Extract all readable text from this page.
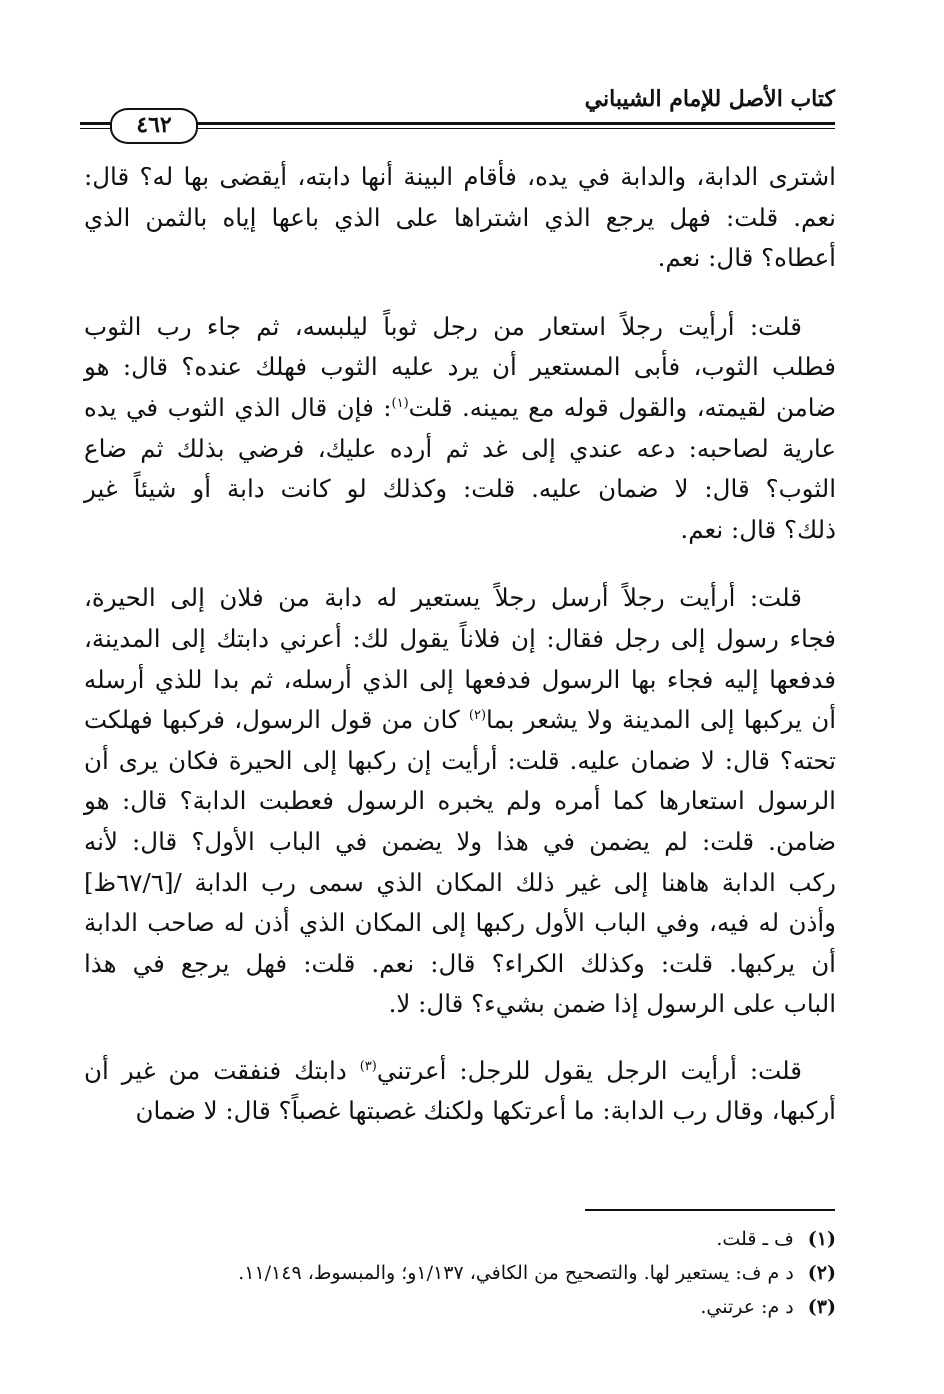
كتاب الأصل للإمام الشيباني
٤٦٢
اشترى الدابة، والدابة في يده، فأقام البينة أنها دابته، أيقضى بها له؟ قال:
نعم. قلت: فهل يرجع الذي اشتراها على الذي باعها إياه بالثمن الذي
أعطاه؟ قال: نعم.
قلت: أرأيت رجلاً استعار من رجل ثوباً ليلبسه، ثم جاء رب الثوب
فطلب الثوب، فأبى المستعير أن يرد عليه الثوب فهلك عنده؟ قال: هو
ضامن لقيمته، والقول قوله مع يمينه. قلت$^{(١)}$: فإن قال الذي الثوب في يده
عارية لصاحبه: دعه عندي إلى غد ثم أرده عليك، فرضي بذلك ثم ضاع
الثوب؟ قال: لا ضمان عليه. قلت: وكذلك لو كانت دابة أو شيئاً غير
ذلك؟ قال: نعم.
قلت: أرأيت رجلاً أرسل رجلاً يستعير له دابة من فلان إلى الحيرة،
فجاء رسول إلى رجل فقال: إن فلاناً يقول لك: أعرني دابتك إلى المدينة،
فدفعها إليه فجاء بها الرسول فدفعها إلى الذي أرسله، ثم بدا للذي أرسله
أن يركبها إلى المدينة ولا يشعر بما$^{(٢)}$ كان من قول الرسول، فركبها فهلكت
تحته؟ قال: لا ضمان عليه. قلت: أرأيت إن ركبها إلى الحيرة فكان يرى أن
الرسول استعارها كما أمره ولم يخبره الرسول فعطبت الدابة؟ قال: هو
ضامن. قلت: لم يضمن في هذا ولا يضمن في الباب الأول؟ قال: لأنه
ركب الدابة هاهنا إلى غير ذلك المكان الذي سمى رب الدابة /[٦٧/٦ظ]
وأذن له فيه، وفي الباب الأول ركبها إلى المكان الذي أذن له صاحب الدابة
أن يركبها. قلت: وكذلك الكراء؟ قال: نعم. قلت: فهل يرجع في هذا
الباب على الرسول إذا ضمن بشيء؟ قال: لا.
قلت: أرأيت الرجل يقول للرجل: أعرتني$^{(٣)}$ دابتك فنفقت من غير أن
أركبها، وقال رب الدابة: ما أعرتكها ولكنك غصبتها غصباً؟ قال: لا ضمان
(١)ف ـ قلت.
(٢)د م ف: يستعير لها. والتصحيح من الكافي، ١/١٣٧و؛ والمبسوط، ١١/١٤٩.
(٣)د م: عرتني.
